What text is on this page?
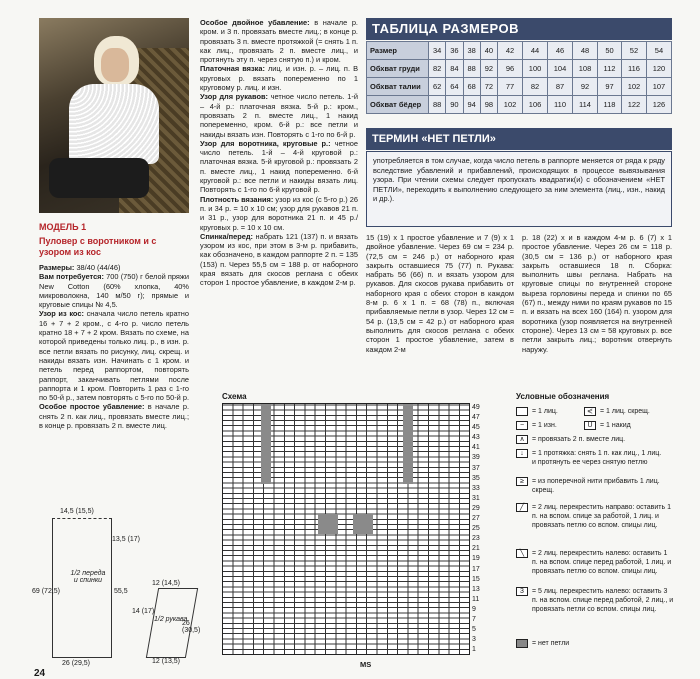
МОДЕЛЬ 1
Пуловер с воротником и с узором из кос

Размеры: 38/40 (44/46)

Вам потребуется: 700 (750) г белой пряжи New Cotton (60% хлопка, 40% микроволокна, 140 м/50 г); прямые и круговые спицы № 4,5.

Узор из кос: сначала число петель кратно 16 + 7 + 2 кром., с 4-го р. число петель кратно 18 + 7 + 2 кром. Вязать по схеме, на которой приведены только лиц. р., в изн. р. все петли вязать по рисунку, лиц. скрещ. и накиды вязать изн. Начинать с 1 кром. и петель перед раппортом, повторять раппорт, заканчивать петлями после раппорта и 1 кром. Повторить 1 раз с 1-го по 50-й р., затем повторять с 5-го по 50-й р.

Особое простое убавление: в начале р. снять 2 п. как лиц., провязать вместе лиц.; в конце р. провязать 2 п. вместе лиц.

Особое двойное убавление: в начале р. кром. и 3 п. провязать вместе лиц.; в конце р. провязать 3 п. вместе протяжкой (= снять 1 п. как лиц., провязать 2 п. вместе лиц., и протянуть эту п. через снятую п.) и кром.

Платочная вязка: лиц. и изн. р. – лиц. п. В круговых р. вязать попеременно по 1 круговому р. лиц. и изн.

Узор для рукавов: четное число петель. 1-й – 4-й р.: платочная вязка. 5-й р.: кром., провязать 2 п. вместе лиц., 1 накид попеременно, кром. 6-й р.: все петли и накиды вязать изн. Повторять с 1-го по 6-й р.

Узор для воротника, круговые р.: четное число петель. 1-й – 4-й круговой р.: платочная вязка. 5-й круговой р.: провязать 2 п. вместе лиц., 1 накид попеременно. 6-й круговой р.: все петли и накиды вязать лиц. Повторять с 1-го по 6-й круговой р.

Плотность вязания: узор из кос (с 5-го р.) 26 п. и 34 р. = 10 х 10 см; узор для рукавов 21 п. и 31 р., узор для воротника 21 п. и 45 р./круговых р. = 10 х 10 см.

Спинка/перед: набрать 121 (137) п. и вязать узором из кос, при этом в 3-м р. прибавить, как обозначено, в каждом раппорте 2 п. = 135 (153) п. Через 55,5 см = 188 р. от наборного края вязать для скосов реглана с обеих сторон 1 простое убавление, в каждом 2-м р.

ТАБЛИЦА РАЗМЕРОВ
Размер	34	36	38	40	42	44	46	48	50	52	54
Обхват груди	82	84	88	92	96	100	104	108	112	116	120
Обхват талии	62	64	68	72	77	82	87	92	97	102	107
Обхват бёдер	88	90	94	98	102	106	110	114	118	122	126
ТЕРМИН «НЕТ ПЕТЛИ»
употребляется в том случае, когда число петель в раппорте меняется от ряда к ряду вследствие убавлений и прибавлений, происходящих в процессе вывязывания узора. При чтении схемы следует пропускать квадратик(и) с обозначением «НЕТ ПЕТЛИ», переходить к выполнению следующего за ним элемента (лиц., изн., накид и др.).
15 (19) х 1 простое убавление и 7 (9) х 1 двойное убавление. Через 69 см = 234 р. (72,5 см = 246 р.) от наборного края закрыть оставшиеся 75 (77) п. Рукава: набрать 56 (66) п. и вязать узором для рукавов. Для скосов рукава прибавить от наборного края с обеих сторон в каждом 8-м р. 6 х 1 п. = 68 (78) п., включая прибавляемые петли в узор. Через 12 см = 54 р. (13,5 см = 42 р.) от наборного края выполнить для скосов реглана с обеих сторон 1 простое убавление, затем в каждом 2-м
р. 18 (22) х и в каждом 4-м р. 6 (7) х 1 простое убавление. Через 26 см = 118 р. (30,5 см = 136 р.) от наборного края закрыть оставшиеся 18 п. Сборка: выполнить швы реглана. Набрать на круговые спицы по внутренней стороне выреза горловины переда и спинки по 65 (67) п., между ними по краям рукавов по 15 п. и вязать на всех 160 (164) п. узором для воротника (узор появляется на внутренней стороне). Через 13 см = 58 круговых р. все петли закрыть лиц.; воротник отвернуть наружу.
Схема
49
47
45
43
41
39
37
35
33
31
29
27
25
23
21
19
17
15
13
11
9
7
5
3
1
MS
Условные обозначения
= 1 лиц.	⋞	= 1 лиц. скрещ.
−	= 1 изн.	U	= 1 накид
∧	= провязать 2 п. вместе лиц.
↓	= 1 протяжка: снять 1 п. как лиц., 1 лиц. и протянуть ее через снятую петлю
≥	= из поперечной нити прибавить 1 лиц. скрещ.
╱	= 2 лиц. перекрестить направо: оставить 1 п. на вспом. спице за работой, 1 лиц. и провязать петлю со вспом. спицы лиц.
╲	= 2 лиц. перекрестить налево: оставить 1 п. на вспом. спице перед работой, 1 лиц. и провязать петлю со вспом. спицы лиц.
3	= 5 лиц. перекрестить налево: оставить 3 п. на вспом. спице перед работой, 2 лиц., и провязать петли со вспом. спицы лиц.
= нет петли
14,5 (15,5)
13,5 (17)
1/2 переда и спинки
69 (72,5)	55,5
26 (29,5)
12 (14,5)
1/2 рукава
14 (17)
12 (13,5)
26 (30,5)
24
